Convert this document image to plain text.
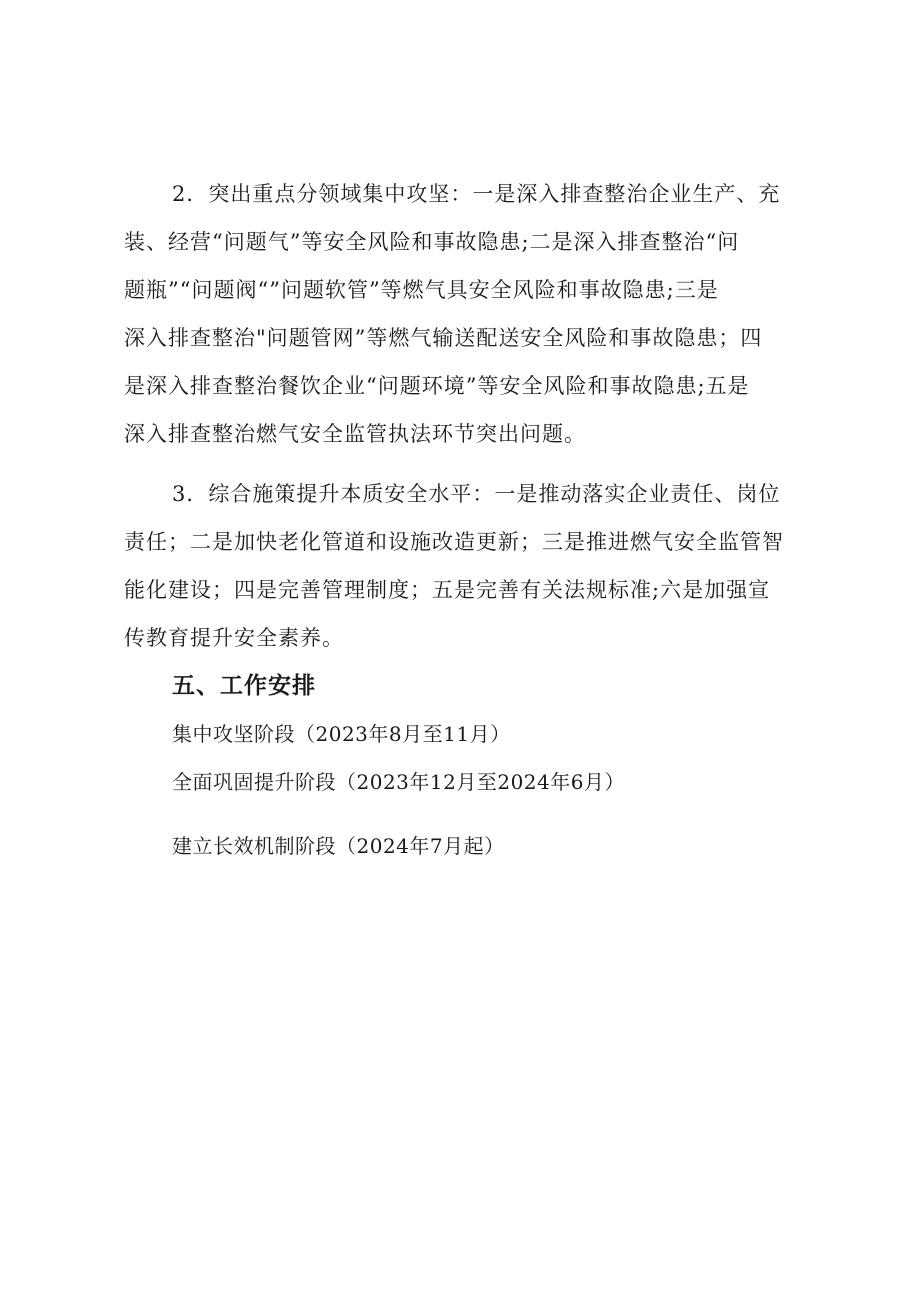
2．突出重点分领域集中攻坚：一是深入排查整治企业生产、充
装、经营“问题气”等安全风险和事故隐患;二是深入排查整治“问
题瓶”“问题阀“”问题软管”等燃气具安全风险和事故隐患;三是
深入排查整治"问题管网”等燃气输送配送安全风险和事故隐患；四
是深入排查整治餐饮企业“问题环境”等安全风险和事故隐患;五是
深入排查整治燃气安全监管执法环节突出问题。
3．综合施策提升本质安全水平：一是推动落实企业责任、岗位
责任；二是加快老化管道和设施改造更新；三是推进燃气安全监管智
能化建设；四是完善管理制度；五是完善有关法规标准;六是加强宣
传教育提升安全素养。
五、工作安排

集中攻坚阶段（2023年8月至11月）

全面巩固提升阶段（2023年12月至2024年6月）

建立长效机制阶段（2024年7月起）
